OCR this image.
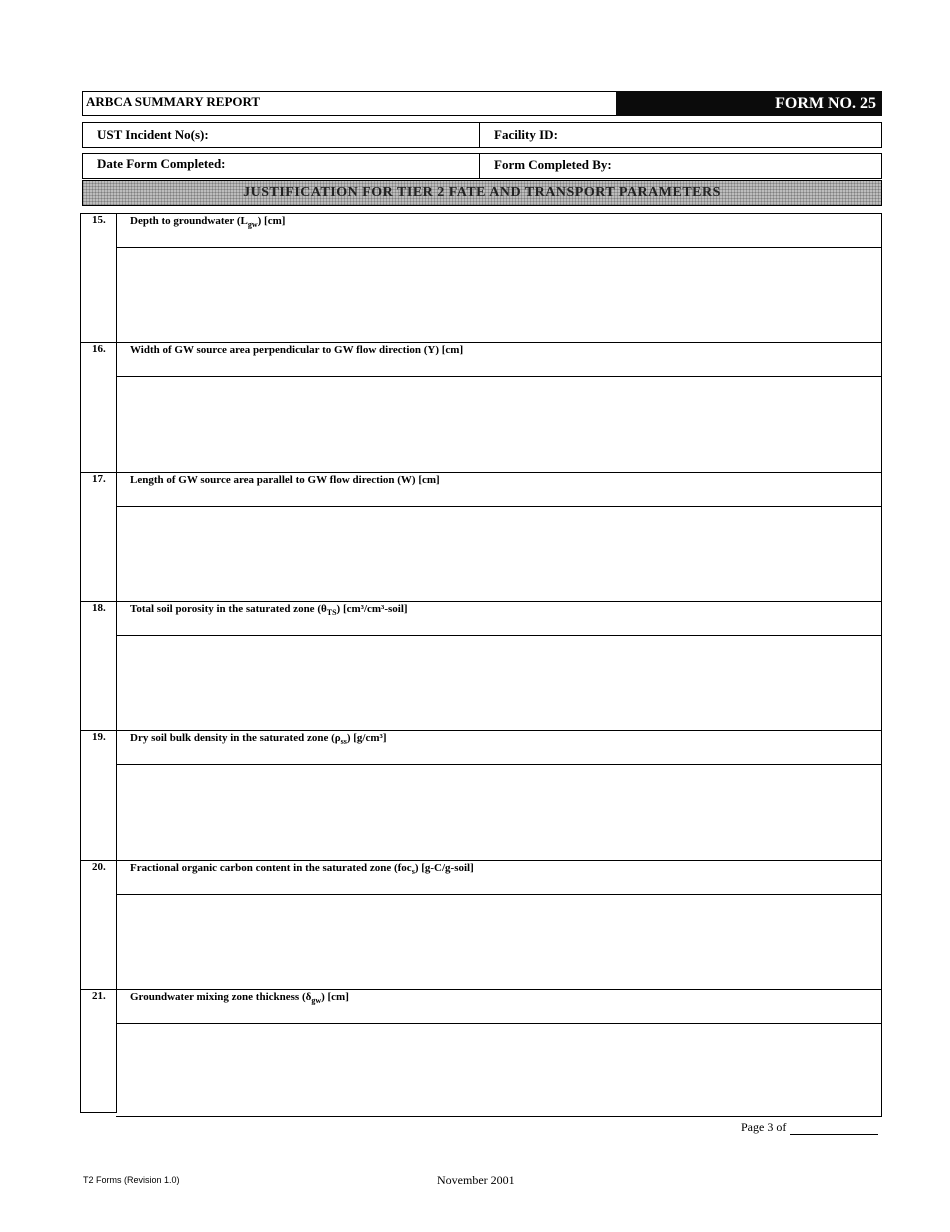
ARBCA SUMMARY REPORT	FORM NO. 25
UST Incident No(s):	Facility ID:
Date Form Completed:	Form Completed By:
JUSTIFICATION FOR TIER 2 FATE AND TRANSPORT PARAMETERS
15. Depth to groundwater $(L_{gw})$ [cm]
16. Width of GW source area perpendicular to GW flow direction (Y) [cm]
17. Length of GW source area parallel to GW flow direction (W) [cm]
18. Total soil porosity in the saturated zone $(\theta_{TS})$ [cm³/cm³-soil]
19. Dry soil bulk density in the saturated zone $(\rho_{ss})$ [g/cm³]
20. Fractional organic carbon content in the saturated zone (foc$_s$) [g-C/g-soil]
21. Groundwater mixing zone thickness $(\delta_{gw})$ [cm]
Page 3 of
T2 Forms (Revision 1.0)	November 2001
